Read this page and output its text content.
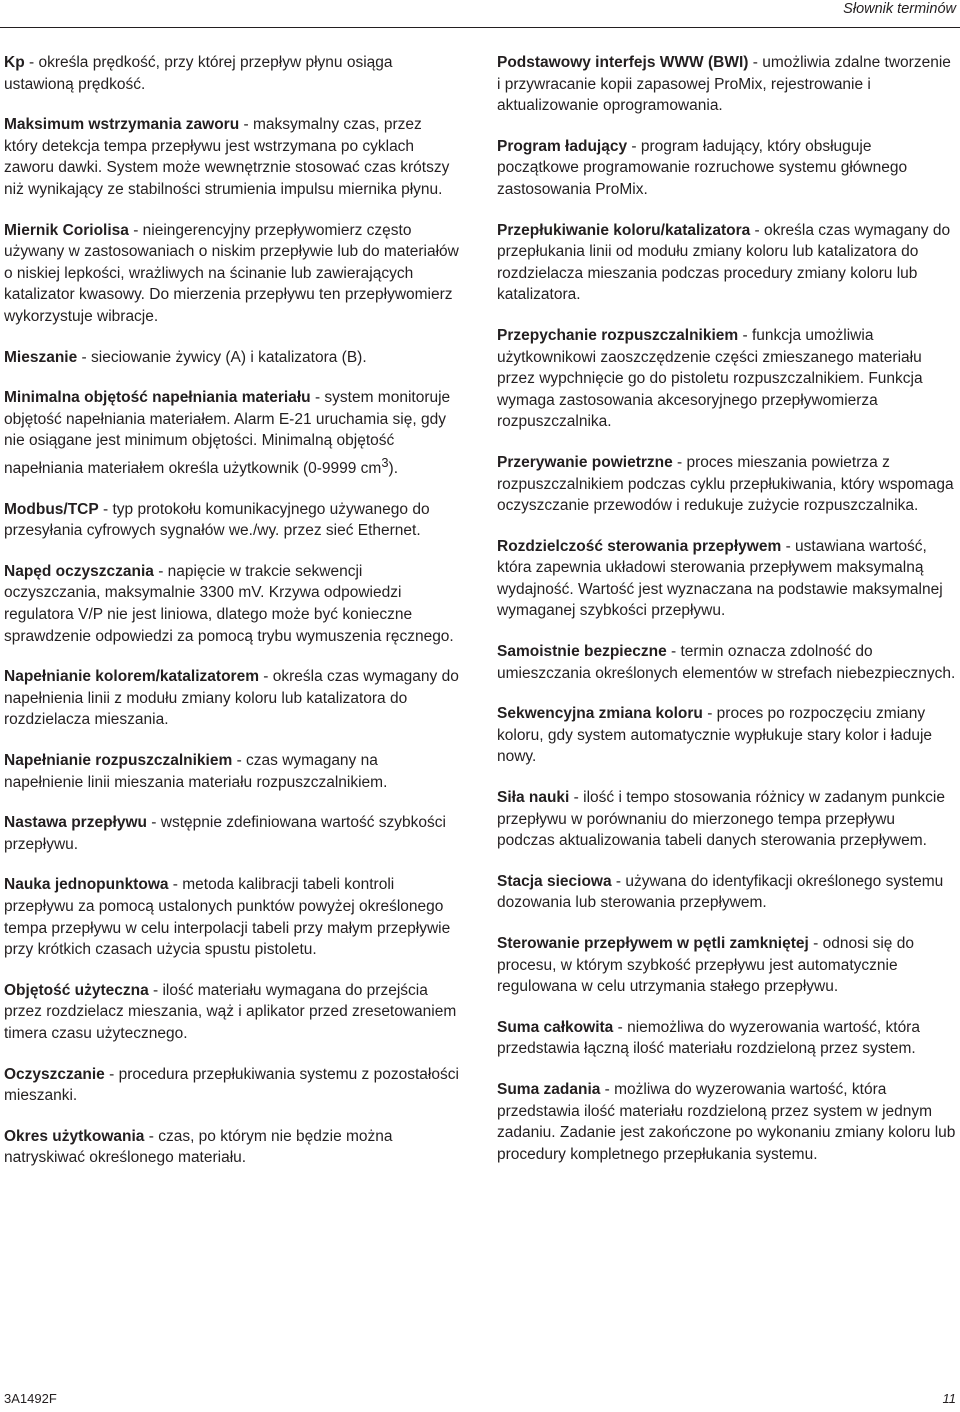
Słownik terminów

Kp - określa prędkość, przy której przepływ płynu osiąga ustawioną prędkość.

Maksimum wstrzymania zaworu - maksymalny czas, przez który detekcja tempa przepływu jest wstrzymana po cyklach zaworu dawki. System może wewnętrznie stosować czas krótszy niż wynikający ze stabilności strumienia impulsu miernika płynu.

Miernik Coriolisa - nieingerencyjny przepływomierz często używany w zastosowaniach o niskim przepływie lub do materiałów o niskiej lepkości, wrażliwych na ścinanie lub zawierających katalizator kwasowy. Do mierzenia przepływu ten przepływomierz wykorzystuje wibracje.

Mieszanie - sieciowanie żywicy (A) i katalizatora (B).

Minimalna objętość napełniania materiału - system monitoruje objętość napełniania materiałem. Alarm E-21 uruchamia się, gdy nie osiągane jest minimum objętości. Minimalną objętość napełniania materiałem określa użytkownik (0-9999 $cm^3$).

Modbus/TCP - typ protokołu komunikacyjnego używanego do przesyłania cyfrowych sygnałów we./wy. przez sieć Ethernet.

Napęd oczyszczania - napięcie w trakcie sekwencji oczyszczania, maksymalnie 3300 mV. Krzywa odpowiedzi regulatora V/P nie jest liniowa, dlatego może być konieczne sprawdzenie odpowiedzi za pomocą trybu wymuszenia ręcznego.

Napełnianie kolorem/katalizatorem - określa czas wymagany do napełnienia linii z modułu zmiany koloru lub katalizatora do rozdzielacza mieszania.

Napełnianie rozpuszczalnikiem - czas wymagany na napełnienie linii mieszania materiału rozpuszczalnikiem.

Nastawa przepływu - wstępnie zdefiniowana wartość szybkości przepływu.

Nauka jednopunktowa - metoda kalibracji tabeli kontroli przepływu za pomocą ustalonych punktów powyżej określonego tempa przepływu w celu interpolacji tabeli przy małym przepływie przy krótkich czasach użycia spustu pistoletu.

Objętość użyteczna - ilość materiału wymagana do przejścia przez rozdzielacz mieszania, wąż i aplikator przed zresetowaniem timera czasu użytecznego.

Oczyszczanie - procedura przepłukiwania systemu z pozostałości mieszanki.

Okres użytkowania - czas, po którym nie będzie można natryskiwać określonego materiału.

Podstawowy interfejs WWW (BWI) - umożliwia zdalne tworzenie i przywracanie kopii zapasowej ProMix, rejestrowanie i aktualizowanie oprogramowania.

Program ładujący - program ładujący, który obsługuje początkowe programowanie rozruchowe systemu głównego zastosowania ProMix.

Przepłukiwanie koloru/katalizatora - określa czas wymagany do przepłukania linii od modułu zmiany koloru lub katalizatora do rozdzielacza mieszania podczas procedury zmiany koloru lub katalizatora.

Przepychanie rozpuszczalnikiem - funkcja umożliwia użytkownikowi zaoszczędzenie części zmieszanego materiału przez wypchnięcie go do pistoletu rozpuszczalnikiem. Funkcja wymaga zastosowania akcesoryjnego przepływomierza rozpuszczalnika.

Przerywanie powietrzne - proces mieszania powietrza z rozpuszczalnikiem podczas cyklu przepłukiwania, który wspomaga oczyszczanie przewodów i redukuje zużycie rozpuszczalnika.

Rozdzielczość sterowania przepływem - ustawiana wartość, która zapewnia układowi sterowania przepływem maksymalną wydajność. Wartość jest wyznaczana na podstawie maksymalnej wymaganej szybkości przepływu.

Samoistnie bezpieczne - termin oznacza zdolność do umieszczania określonych elementów w strefach niebezpiecznych.

Sekwencyjna zmiana koloru - proces po rozpoczęciu zmiany koloru, gdy system automatycznie wypłukuje stary kolor i ładuje nowy.

Siła nauki - ilość i tempo stosowania różnicy w zadanym punkcie przepływu w porównaniu do mierzonego tempa przepływu podczas aktualizowania tabeli danych sterowania przepływem.

Stacja sieciowa - używana do identyfikacji określonego systemu dozowania lub sterowania przepływem.

Sterowanie przepływem w pętli zamkniętej - odnosi się do procesu, w którym szybkość przepływu jest automatycznie regulowana w celu utrzymania stałego przepływu.

Suma całkowita - niemożliwa do wyzerowania wartość, która przedstawia łączną ilość materiału rozdzieloną przez system.

Suma zadania - możliwa do wyzerowania wartość, która przedstawia ilość materiału rozdzieloną przez system w jednym zadaniu. Zadanie jest zakończone po wykonaniu zmiany koloru lub procedury kompletnego przepłukania systemu.

3A1492F	11
